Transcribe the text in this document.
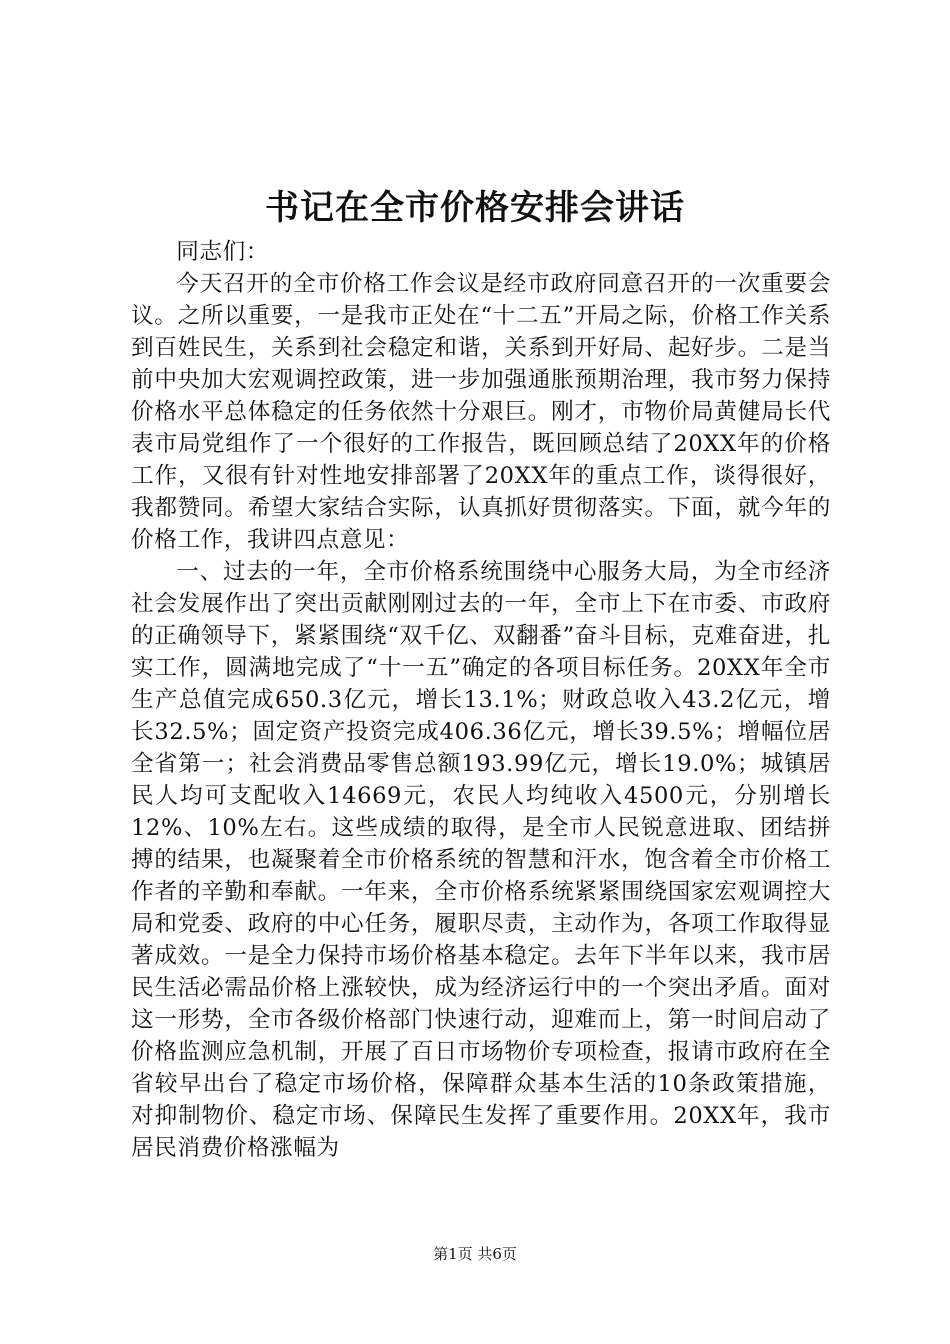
书记在全市价格安排会讲话

同志们：

今天召开的全市价格工作会议是经市政府同意召开的一次重要会议。之所以重要，一是我市正处在“十二五”开局之际，价格工作关系到百姓民生，关系到社会稳定和谐，关系到开好局、起好步。二是当前中央加大宏观调控政策，进一步加强通胀预期治理，我市努力保持价格水平总体稳定的任务依然十分艰巨。刚才，市物价局黄健局长代表市局党组作了一个很好的工作报告，既回顾总结了20XX年的价格工作，又很有针对性地安排部署了20XX年的重点工作，谈得很好，我都赞同。希望大家结合实际，认真抓好贯彻落实。下面，就今年的价格工作，我讲四点意见：

一、过去的一年，全市价格系统围绕中心服务大局，为全市经济社会发展作出了突出贡献刚刚过去的一年，全市上下在市委、市政府的正确领导下，紧紧围绕“双千亿、双翻番”奋斗目标，克难奋进，扎实工作，圆满地完成了“十一五”确定的各项目标任务。20XX年全市生产总值完成650.3亿元，增长13.1%；财政总收入43.2亿元，增长32.5%；固定资产投资完成406.36亿元，增长39.5%；增幅位居全省第一；社会消费品零售总额193.99亿元，增长19.0%；城镇居民人均可支配收入14669元，农民人均纯收入4500元，分别增长12%、10%左右。这些成绩的取得，是全市人民锐意进取、团结拼搏的结果，也凝聚着全市价格系统的智慧和汗水，饱含着全市价格工作者的辛勤和奉献。一年来，全市价格系统紧紧围绕国家宏观调控大局和党委、政府的中心任务，履职尽责，主动作为，各项工作取得显著成效。一是全力保持市场价格基本稳定。去年下半年以来，我市居民生活必需品价格上涨较快，成为经济运行中的一个突出矛盾。面对这一形势，全市各级价格部门快速行动，迎难而上，第一时间启动了价格监测应急机制，开展了百日市场物价专项检查，报请市政府在全省较早出台了稳定市场价格，保障群众基本生活的10条政策措施，对抑制物价、稳定市场、保障民生发挥了重要作用。20XX年，我市居民消费价格涨幅为

第1页 共6页
